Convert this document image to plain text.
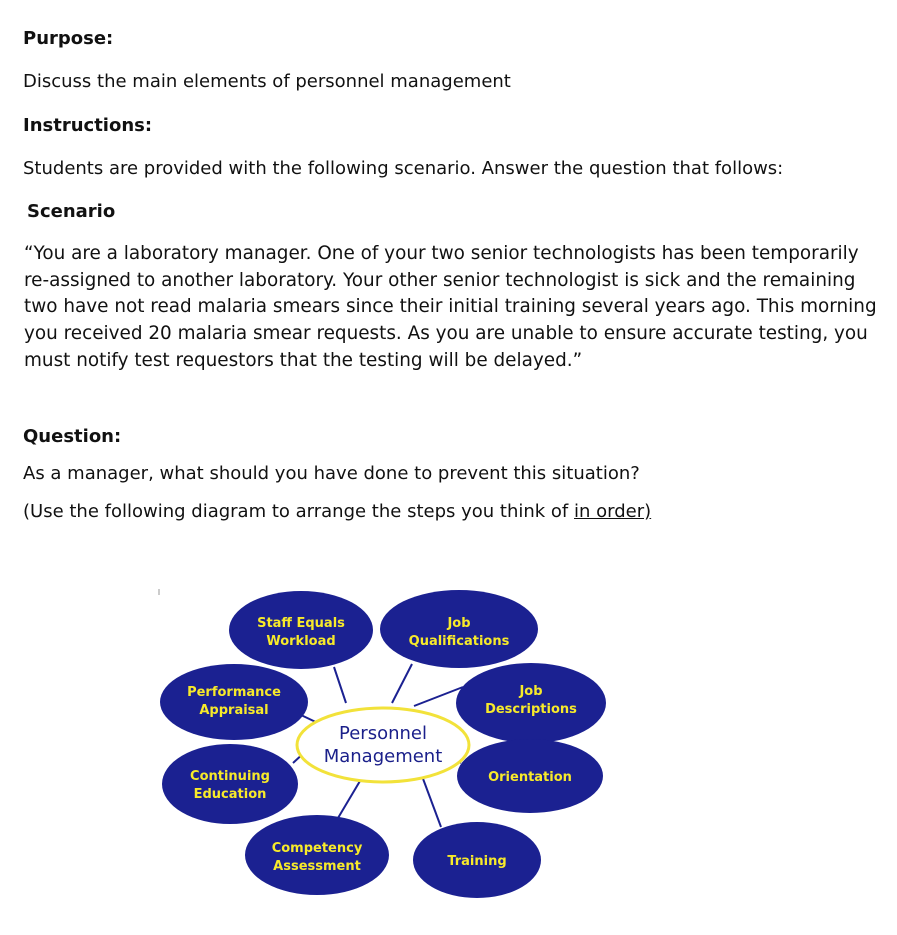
Purpose:

Discuss the main elements of personnel management

Instructions:

Students are provided with the following scenario. Answer the question that follows:

Scenario

“You are a laboratory manager. One of your two senior technologists has been temporarily
re-assigned to another laboratory. Your other senior technologist is sick and the remaining
two have not read malaria smears since their initial training several years ago. This morning
you received 20 malaria smear requests. As you are unable to ensure accurate testing, you
must notify test requestors that the testing will be delayed.”

Question:

As a manager, what should you have done to prevent this situation?

(Use the following diagram to arrange the steps you think of in order)

Personnel
Management
Staff Equals
Workload
Job
Qualifications
Performance
Appraisal
Job
Descriptions
Continuing
Education
Orientation
Competency
Assessment	Training
